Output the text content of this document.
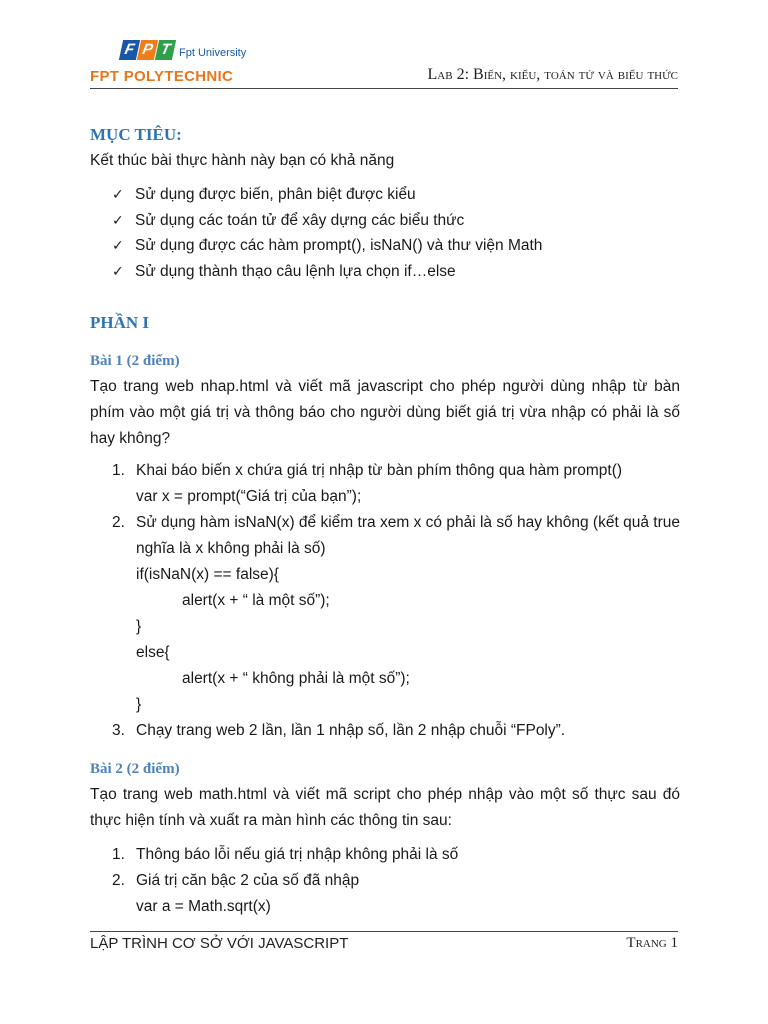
F P T Fpt University
FPT POLYTECHNIC	Lab 2: Biến, kiểu, toán tử và biểu thức
MỤC TIÊU:

Kết thúc bài thực hành này bạn có khả năng

✓ Sử dụng được biến, phân biệt được kiểu
✓ Sử dụng các toán tử để xây dựng các biểu thức
✓ Sử dụng được các hàm prompt(), isNaN() và thư viện Math
✓ Sử dụng thành thạo câu lệnh lựa chọn if…else
PHẦN I
Bài 1 (2 điểm)

Tạo trang web nhap.html và viết mã javascript cho phép người dùng nhập từ bàn phím vào một giá trị và thông báo cho người dùng biết giá trị vừa nhập có phải là số hay không?

1. Khai báo biến x chứa giá trị nhập từ bàn phím thông qua hàm prompt()
var x = prompt(“Giá trị của bạn”);
2. Sử dụng hàm isNaN(x) để kiểm tra xem x có phải là số hay không (kết quả true nghĩa là x không phải là số)
if(isNaN(x) == false){
alert(x + “ là một số”);
}
else{
alert(x + “ không phải là một số”);
}
3. Chạy trang web 2 lần, lần 1 nhập số, lần 2 nhập chuỗi “FPoly”.
Bài 2 (2 điểm)

Tạo trang web math.html và viết mã script cho phép nhập vào một số thực sau đó thực hiện tính và xuất ra màn hình các thông tin sau:

1. Thông báo lỗi nếu giá trị nhập không phải là số
2. Giá trị căn bậc 2 của số đã nhập
var a = Math.sqrt(x)
LẬP TRÌNH CƠ SỞ VỚI JAVASCRIPT	Trang 1
